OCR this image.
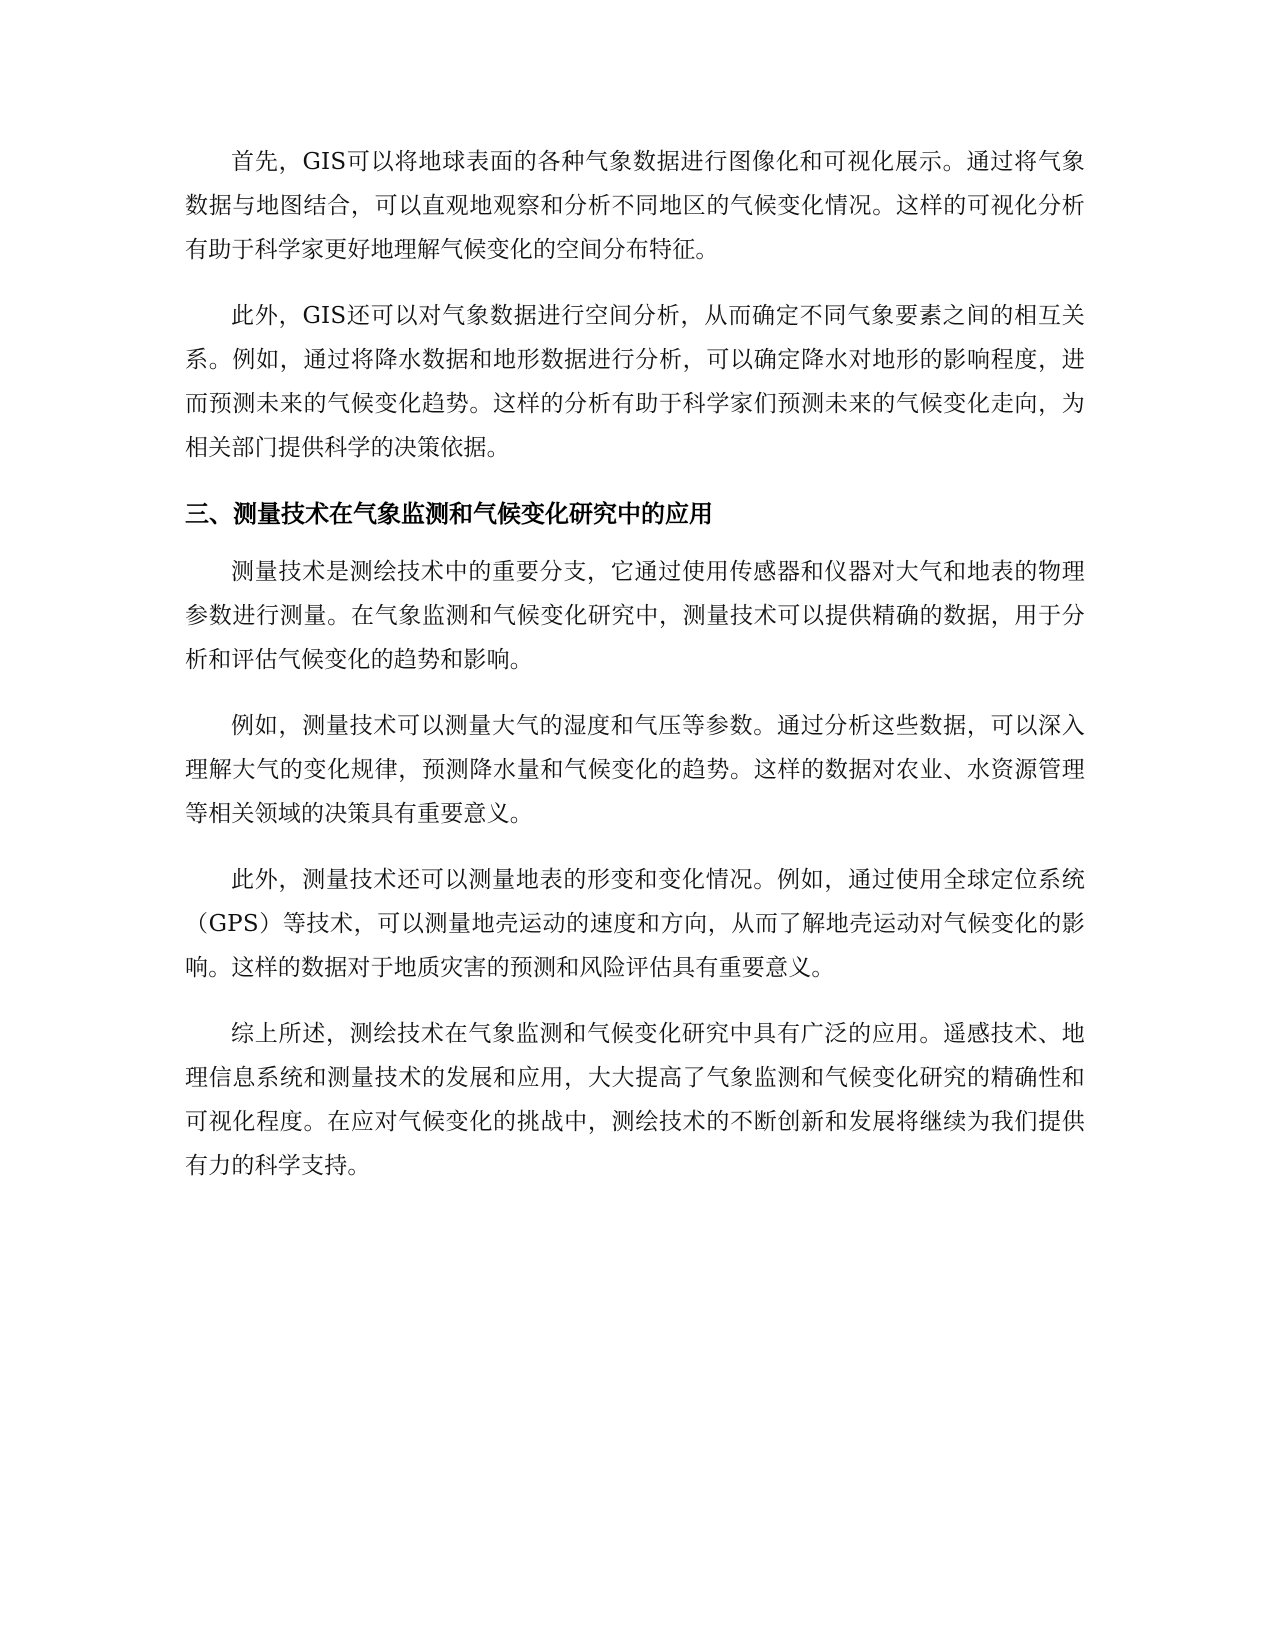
首先，GIS可以将地球表面的各种气象数据进行图像化和可视化展示。通过将气象数据与地图结合，可以直观地观察和分析不同地区的气候变化情况。这样的可视化分析有助于科学家更好地理解气候变化的空间分布特征。

此外，GIS还可以对气象数据进行空间分析，从而确定不同气象要素之间的相互关系。例如，通过将降水数据和地形数据进行分析，可以确定降水对地形的影响程度，进而预测未来的气候变化趋势。这样的分析有助于科学家们预测未来的气候变化走向，为相关部门提供科学的决策依据。

三、测量技术在气象监测和气候变化研究中的应用

测量技术是测绘技术中的重要分支，它通过使用传感器和仪器对大气和地表的物理参数进行测量。在气象监测和气候变化研究中，测量技术可以提供精确的数据，用于分析和评估气候变化的趋势和影响。

例如，测量技术可以测量大气的湿度和气压等参数。通过分析这些数据，可以深入理解大气的变化规律，预测降水量和气候变化的趋势。这样的数据对农业、水资源管理等相关领域的决策具有重要意义。

此外，测量技术还可以测量地表的形变和变化情况。例如，通过使用全球定位系统（GPS）等技术，可以测量地壳运动的速度和方向，从而了解地壳运动对气候变化的影响。这样的数据对于地质灾害的预测和风险评估具有重要意义。

综上所述，测绘技术在气象监测和气候变化研究中具有广泛的应用。遥感技术、地理信息系统和测量技术的发展和应用，大大提高了气象监测和气候变化研究的精确性和可视化程度。在应对气候变化的挑战中，测绘技术的不断创新和发展将继续为我们提供有力的科学支持。
